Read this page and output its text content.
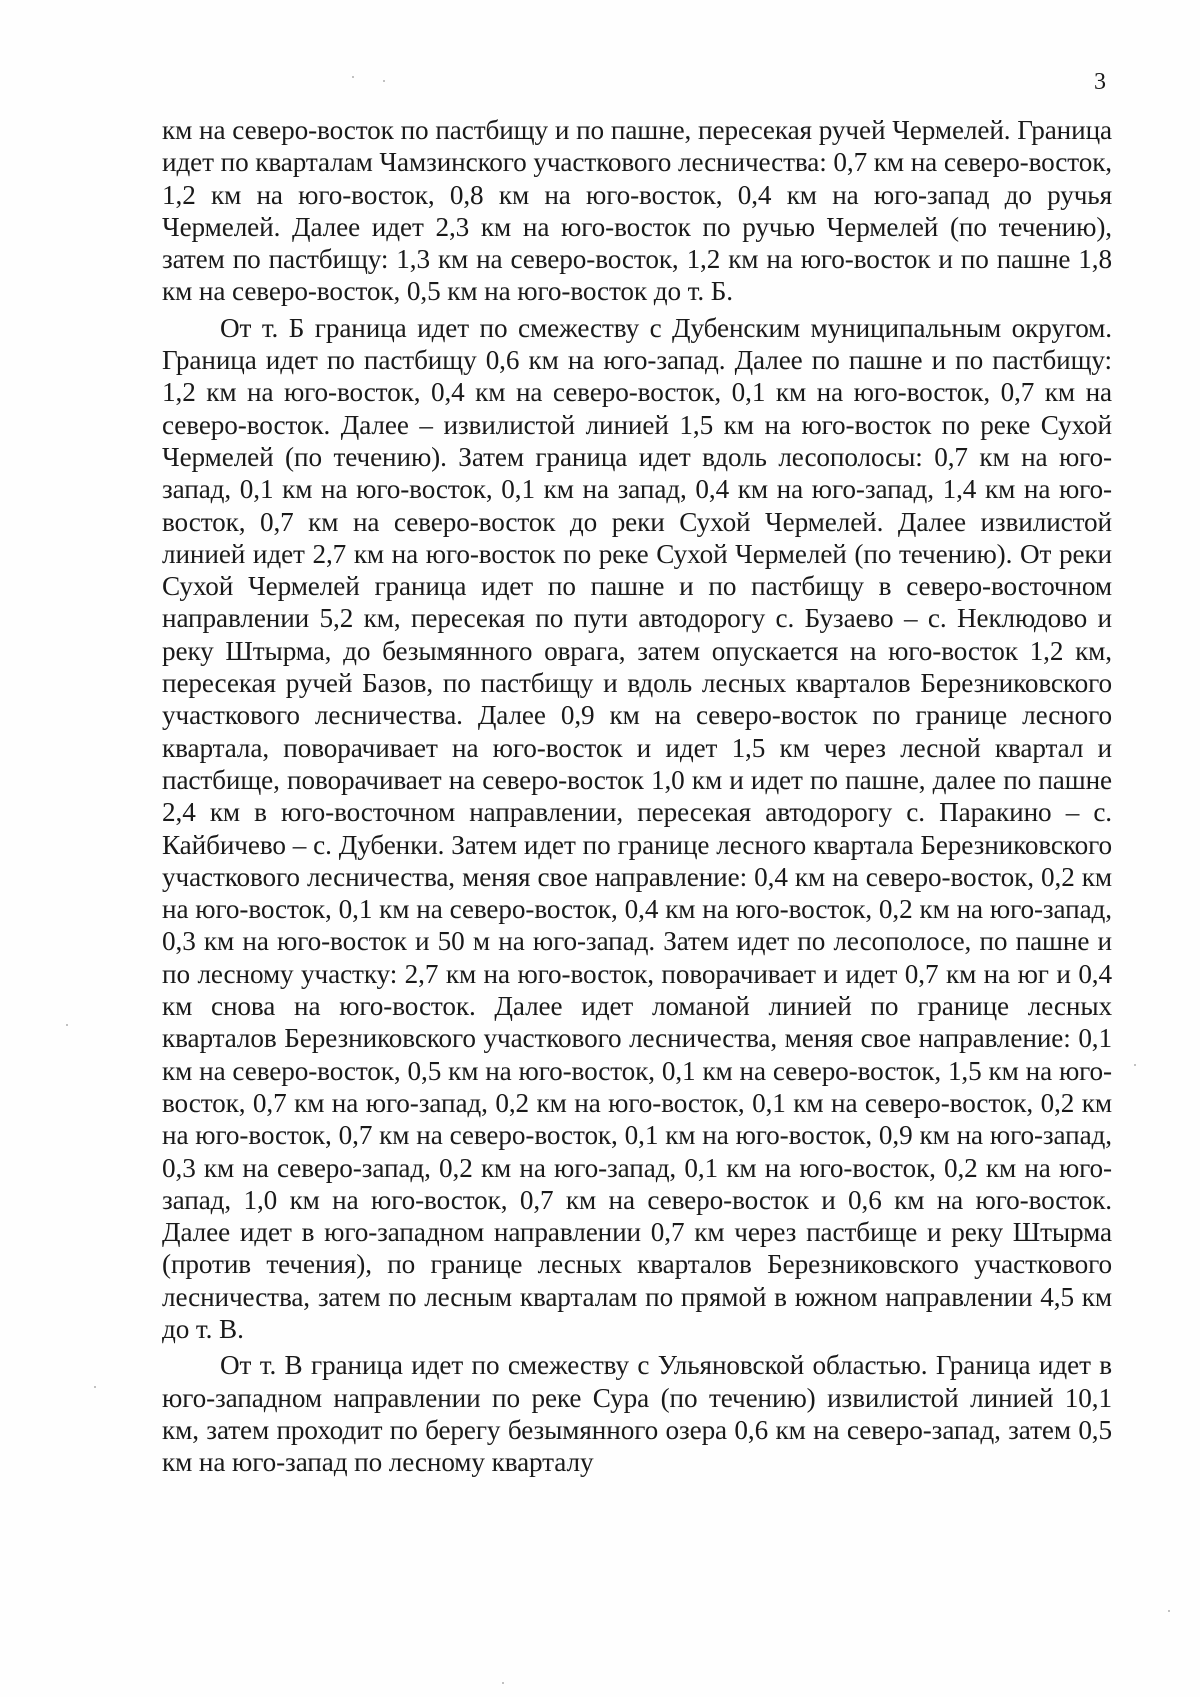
3

км на северо-восток по пастбищу и по пашне, пересекая ручей Чермелей. Граница идет по кварталам Чамзинского участкового лесничества: 0,7 км на северо-восток, 1,2 км на юго-восток, 0,8 км на юго-восток, 0,4 км на юго-запад до ручья Чермелей. Далее идет 2,3 км на юго-восток по ручью Чермелей (по течению), затем по пастбищу: 1,3 км на северо-восток, 1,2 км на юго-восток и по пашне 1,8 км на северо-восток, 0,5 км на юго-восток до т. Б.

От т. Б граница идет по смежеству с Дубенским муниципальным округом. Граница идет по пастбищу 0,6 км на юго-запад. Далее по пашне и по пастбищу: 1,2 км на юго-восток, 0,4 км на северо-восток, 0,1 км на юго-восток, 0,7 км на северо-восток. Далее – извилистой линией 1,5 км на юго-восток по реке Сухой Чермелей (по течению). Затем граница идет вдоль лесополосы: 0,7 км на юго-запад, 0,1 км на юго-восток, 0,1 км на запад, 0,4 км на юго-запад, 1,4 км на юго-восток, 0,7 км на северо-восток до реки Сухой Чермелей. Далее извилистой линией идет 2,7 км на юго-восток по реке Сухой Чермелей (по течению). От реки Сухой Чермелей граница идет по пашне и по пастбищу в северо-восточном направлении 5,2 км, пересекая по пути автодорогу с. Бузаево – с. Неклюдово и реку Штырма, до безымянного оврага, затем опускается на юго-восток 1,2 км, пересекая ручей Базов, по пастбищу и вдоль лесных кварталов Березниковского участкового лесничества. Далее 0,9 км на северо-восток по границе лесного квартала, поворачивает на юго-восток и идет 1,5 км через лесной квартал и пастбище, поворачивает на северо-восток 1,0 км и идет по пашне, далее по пашне 2,4 км в юго-восточном направлении, пересекая автодорогу с. Паракино – с. Кайбичево – с. Дубенки. Затем идет по границе лесного квартала Березниковского участкового лесничества, меняя свое направление: 0,4 км на северо-восток, 0,2 км на юго-восток, 0,1 км на северо-восток, 0,4 км на юго-восток, 0,2 км на юго-запад, 0,3 км на юго-восток и 50 м на юго-запад. Затем идет по лесополосе, по пашне и по лесному участку: 2,7 км на юго-восток, поворачивает и идет 0,7 км на юг и 0,4 км снова на юго-восток. Далее идет ломаной линией по границе лесных кварталов Березниковского участкового лесничества, меняя свое направление: 0,1 км на северо-восток, 0,5 км на юго-восток, 0,1 км на северо-восток, 1,5 км на юго-восток, 0,7 км на юго-запад, 0,2 км на юго-восток, 0,1 км на северо-восток, 0,2 км на юго-восток, 0,7 км на северо-восток, 0,1 км на юго-восток, 0,9 км на юго-запад, 0,3 км на северо-запад, 0,2 км на юго-запад, 0,1 км на юго-восток, 0,2 км на юго-запад, 1,0 км на юго-восток, 0,7 км на северо-восток и 0,6 км на юго-восток. Далее идет в юго-западном направлении 0,7 км через пастбище и реку Штырма (против течения), по границе лесных кварталов Березниковского участкового лесничества, затем по лесным кварталам по прямой в южном направлении 4,5 км до т. В.

От т. В граница идет по смежеству с Ульяновской областью. Граница идет в юго-западном направлении по реке Сура (по течению) извилистой линией 10,1 км, затем проходит по берегу безымянного озера 0,6 км на северо-запад, затем 0,5 км на юго-запад по лесному кварталу
